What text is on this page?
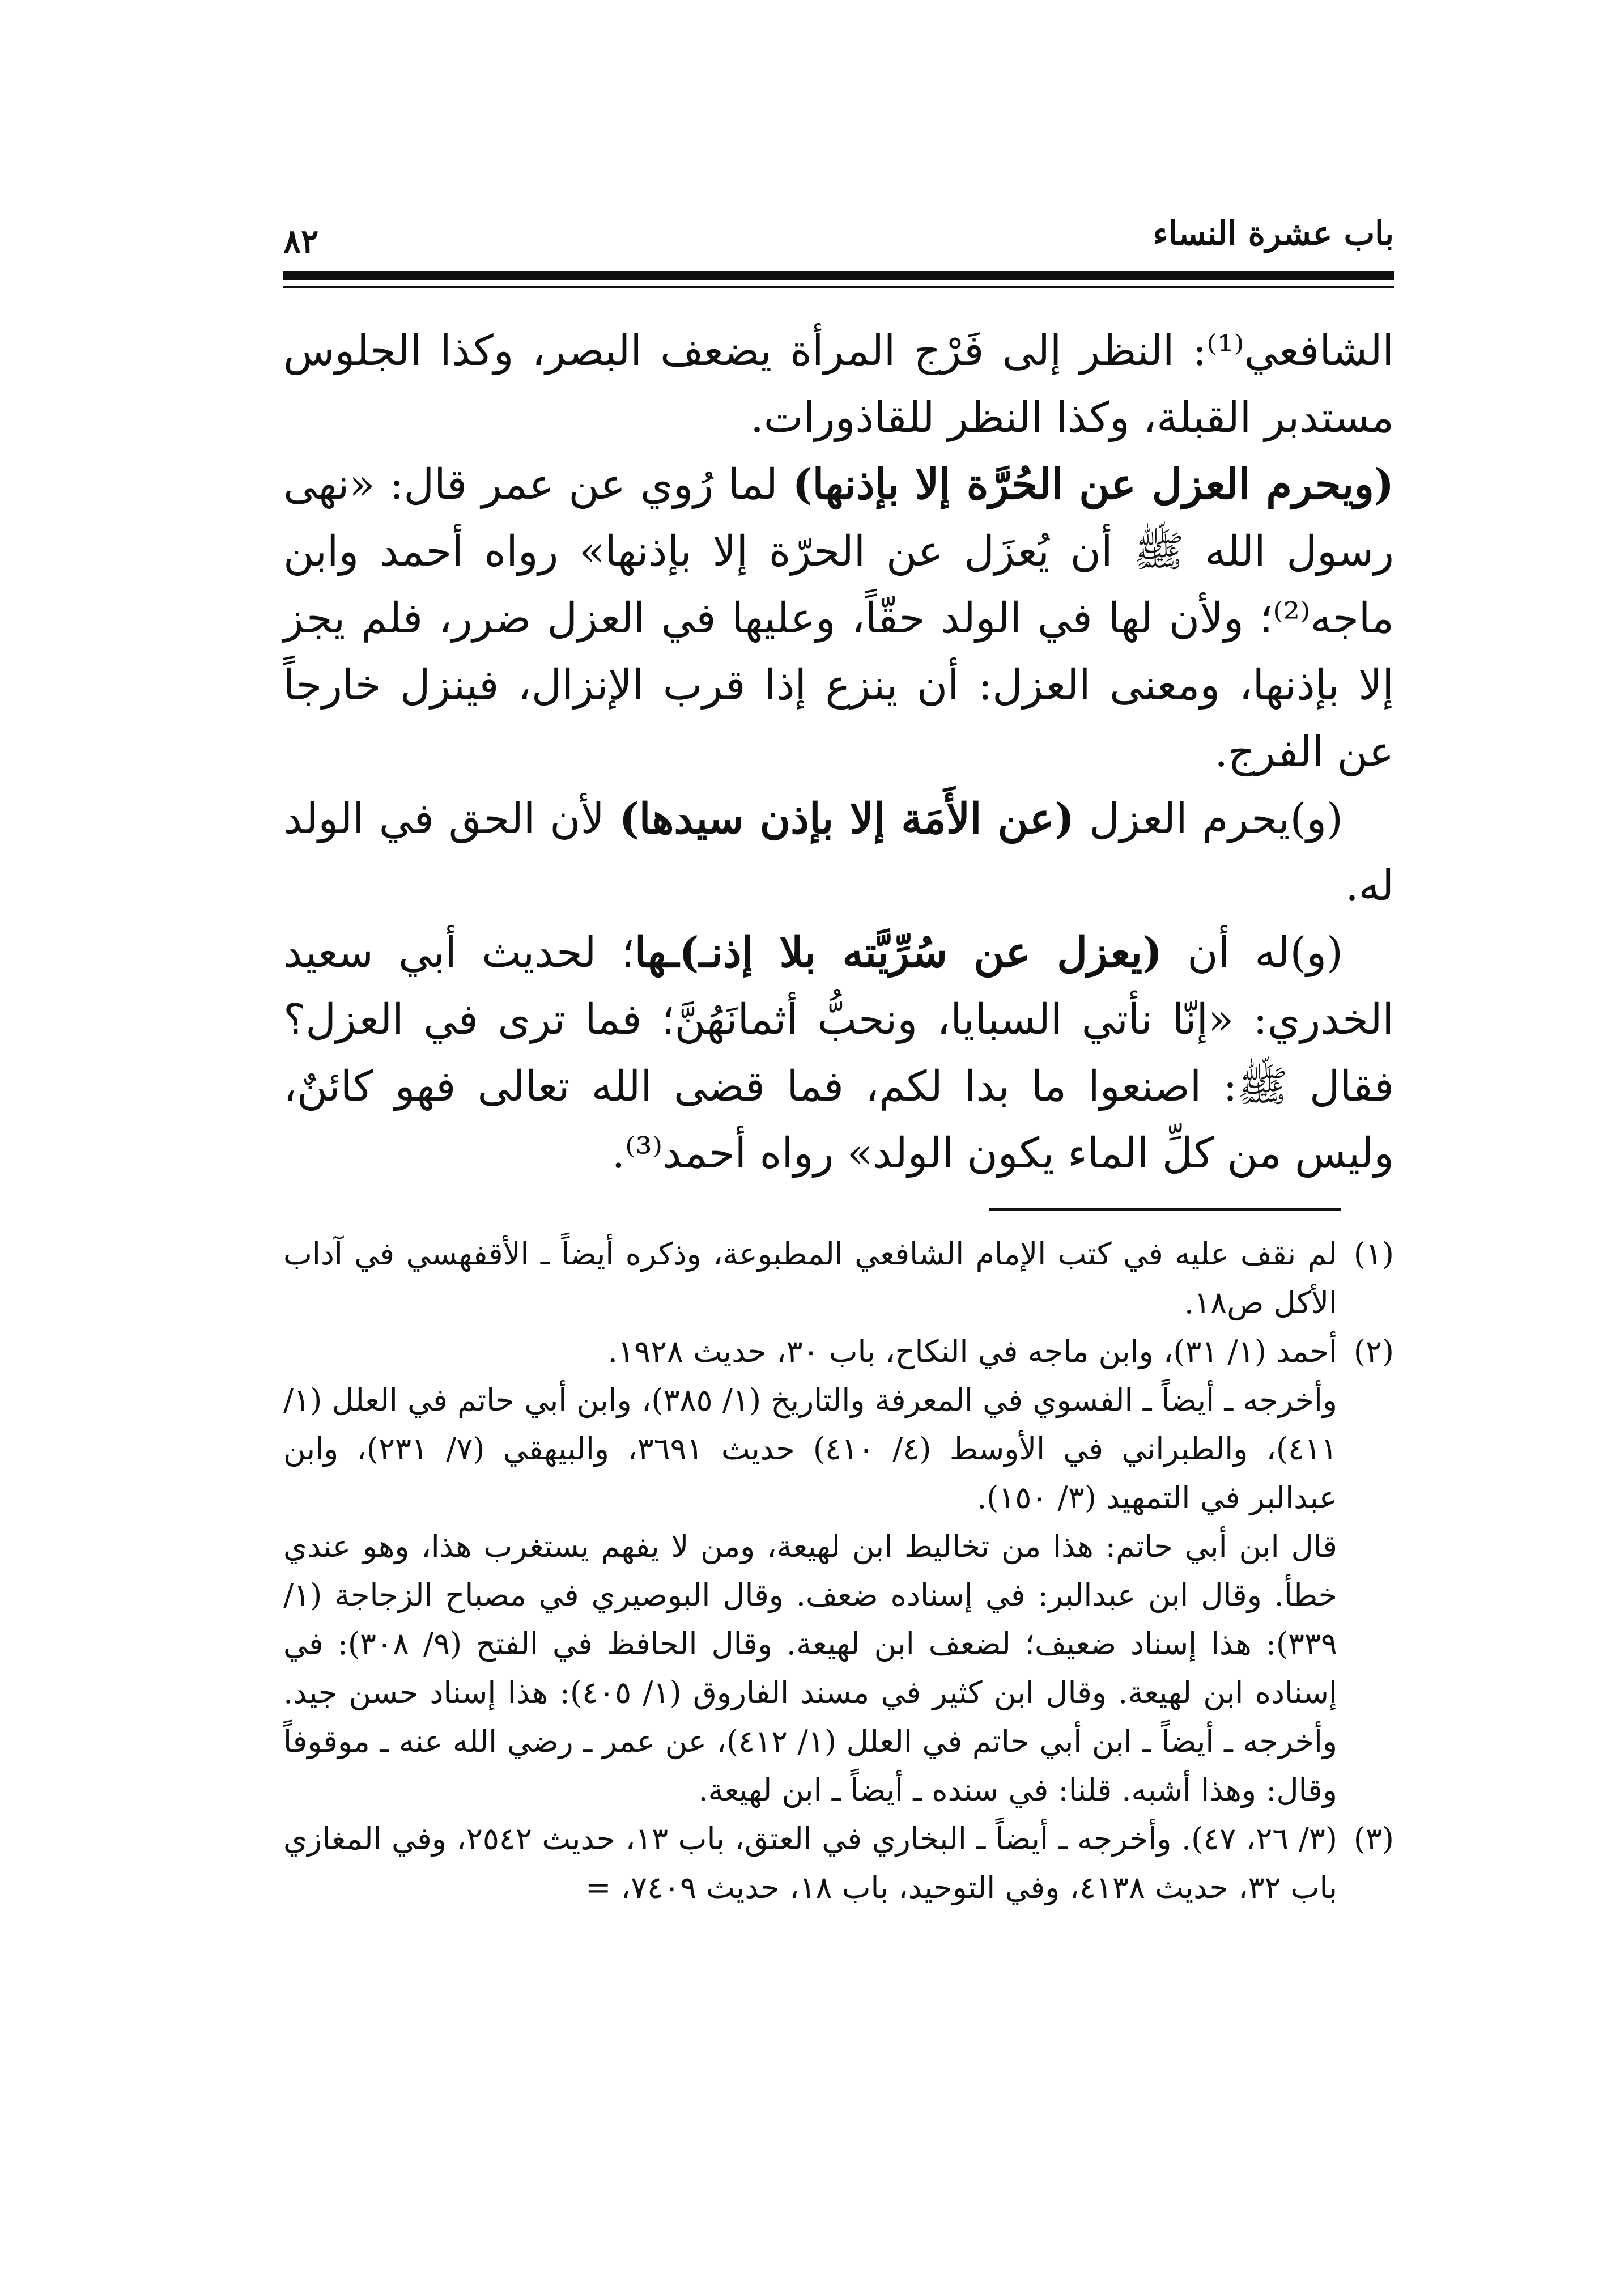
باب عشرة النساء
٨٢

الشافعي⁽¹⁾: النظر إلى فَرْج المرأة يضعف البصر، وكذا الجلوس مستدبر القبلة، وكذا النظر للقاذورات.

(ويحرم العزل عن الحُرَّة إلا بإذنها) لما رُوي عن عمر قال: «نهى رسول الله ﷺ أن يُعزَل عن الحرّة إلا بإذنها» رواه أحمد وابن ماجه⁽²⁾؛ ولأن لها في الولد حقّاً، وعليها في العزل ضرر، فلم يجز إلا بإذنها، ومعنى العزل: أن ينزع إذا قرب الإنزال، فينزل خارجاً عن الفرج.

(و)يحرم العزل (عن الأَمَة إلا بإذن سيدها) لأن الحق في الولد له.

(و)له أن (يعزل عن سُرِّيَّته بلا إذنـ)ـها؛ لحديث أبي سعيد الخدري: «إنّا نأتي السبايا، ونحبُّ أثمانَهُنَّ؛ فما ترى في العزل؟ فقال ﷺ: اصنعوا ما بدا لكم، فما قضى الله تعالى فهو كائنٌ، وليس من كلِّ الماء يكون الولد» رواه أحمد⁽³⁾.

(١)

لم نقف عليه في كتب الإمام الشافعي المطبوعة، وذكره أيضاً ـ الأقفهسي في آداب الأكل ص١٨.

(٢)

أحمد (١/ ٣١)، وابن ماجه في النكاح، باب ٣٠، حديث ١٩٢٨.

وأخرجه ـ أيضاً ـ الفسوي في المعرفة والتاريخ (١/ ٣٨٥)، وابن أبي حاتم في العلل (١/ ٤١١)، والطبراني في الأوسط (٤/ ٤١٠) حديث ٣٦٩١، والبيهقي (٧/ ٢٣١)، وابن عبدالبر في التمهيد (٣/ ١٥٠).

قال ابن أبي حاتم: هذا من تخاليط ابن لهيعة، ومن لا يفهم يستغرب هذا، وهو عندي خطأ. وقال ابن عبدالبر: في إسناده ضعف. وقال البوصيري في مصباح الزجاجة (١/ ٣٣٩): هذا إسناد ضعيف؛ لضعف ابن لهيعة. وقال الحافظ في الفتح (٩/ ٣٠٨): في إسناده ابن لهيعة. وقال ابن كثير في مسند الفاروق (١/ ٤٠٥): هذا إسناد حسن جيد. وأخرجه ـ أيضاً ـ ابن أبي حاتم في العلل (١/ ٤١٢)، عن عمر ـ رضي الله عنه ـ موقوفاً وقال: وهذا أشبه. قلنا: في سنده ـ أيضاً ـ ابن لهيعة.

(٣)

(٣/ ٢٦، ٤٧). وأخرجه ـ أيضاً ـ البخاري في العتق، باب ١٣، حديث ٢٥٤٢، وفي المغازي باب ٣٢، حديث ٤١٣٨، وفي التوحيد، باب ١٨، حديث ٧٤٠٩، =
